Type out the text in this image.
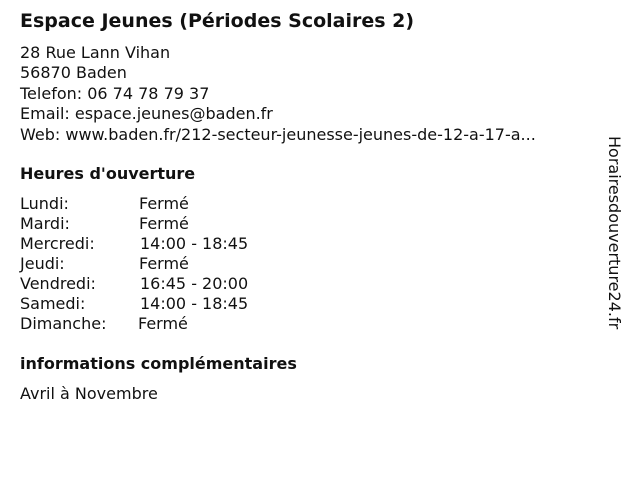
Espace Jeunes (Périodes Scolaires 2)
28 Rue Lann Vihan
56870 Baden
Telefon: 06 74 78 79 37
Email: espace.jeunes@baden.fr
Web: www.baden.fr/212-secteur-jeunesse-jeunes-de-12-a-17-a...
Heures d'ouverture
Lundi:	Fermé
Mardi:	Fermé
Mercredi:	14:00 - 18:45
Jeudi:	Fermé
Vendredi:	16:45 - 20:00
Samedi:	14:00 - 18:45
Dimanche: Fermé
informations complémentaires
Avril à Novembre
Horairesdouverture24.fr
